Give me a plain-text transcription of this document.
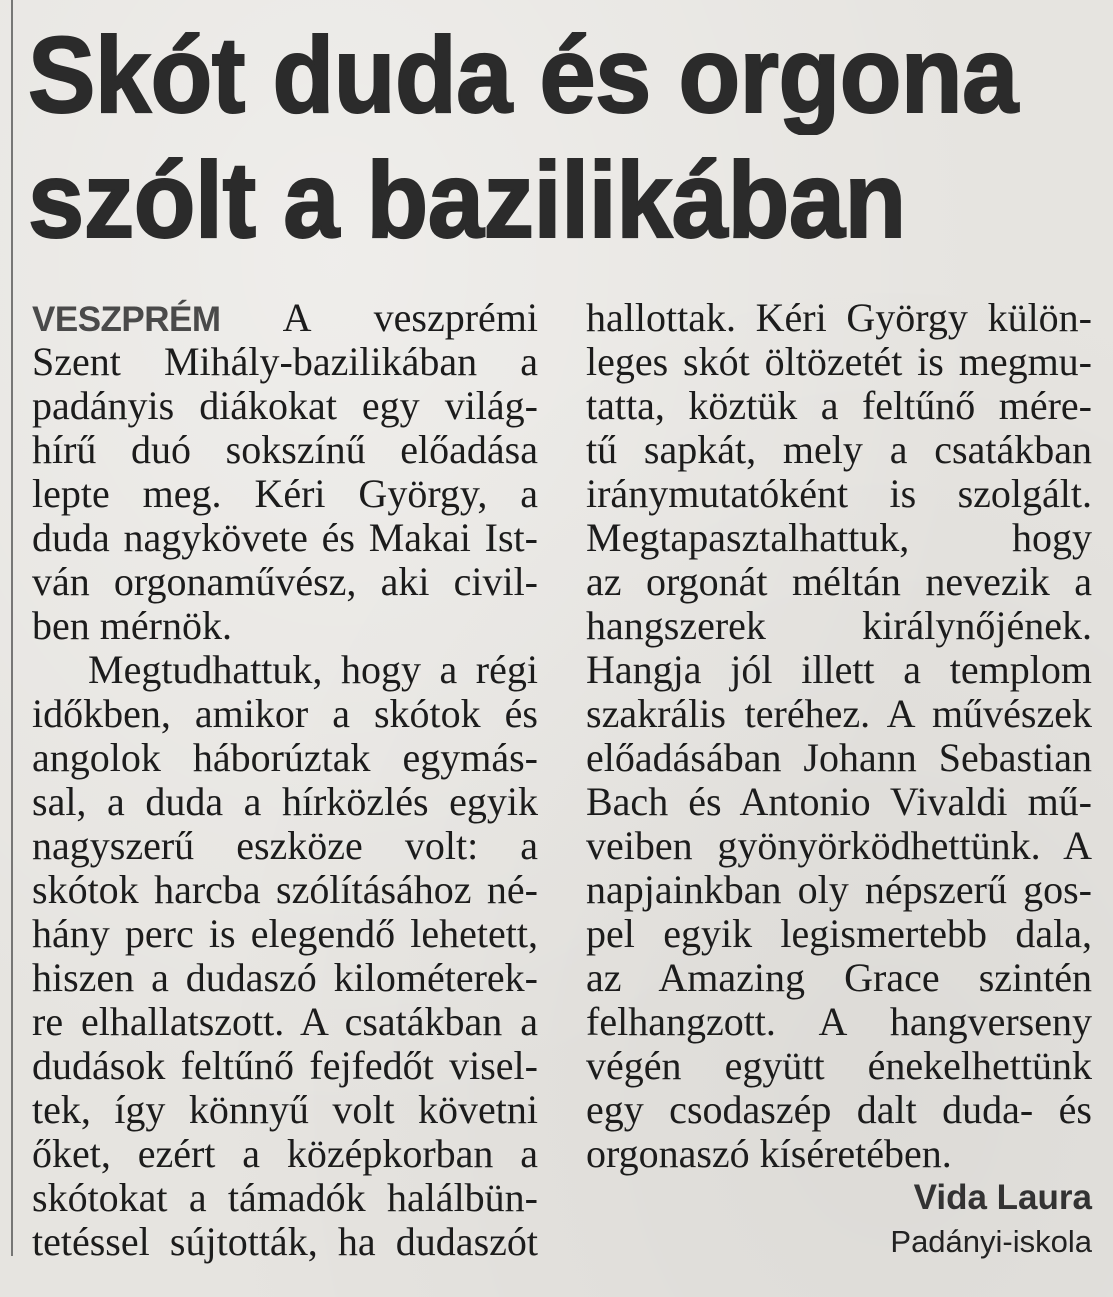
Skót duda és orgona
szólt a bazilikában
VESZPRÉM A veszprémi
Szent Mihály-bazilikában a
padányis diákokat egy világ-
hírű duó sokszínű előadása
lepte meg. Kéri György, a
duda nagykövete és Makai Ist-
ván orgonaművész, aki civil-
ben mérnök.
Megtudhattuk, hogy a régi
időkben, amikor a skótok és
angolok háborúztak egymás-
sal, a duda a hírközlés egyik
nagyszerű eszköze volt: a
skótok harcba szólításához né-
hány perc is elegendő lehetett,
hiszen a dudaszó kilométerek-
re elhallatszott. A csatákban a
dudások feltűnő fejfedőt visel-
tek, így könnyű volt követni
őket, ezért a középkorban a
skótokat a támadók halálbün-
tetéssel sújtották, ha dudaszót
hallottak. Kéri György külön-
leges skót öltözetét is megmu-
tatta, köztük a feltűnő mére-
tű sapkát, mely a csatákban
iránymutatóként is szolgált.
Megtapasztalhattuk, hogy
az orgonát méltán nevezik a
hangszerek királynőjének.
Hangja jól illett a templom
szakrális teréhez. A művészek
előadásában Johann Sebastian
Bach és Antonio Vivaldi mű-
veiben gyönyörködhettünk. A
napjainkban oly népszerű gos-
pel egyik legismertebb dala,
az Amazing Grace szintén
felhangzott. A hangverseny
végén együtt énekelhettünk
egy csodaszép dalt duda- és
orgonaszó kíséretében.
Vida Laura
Padányi-iskola
